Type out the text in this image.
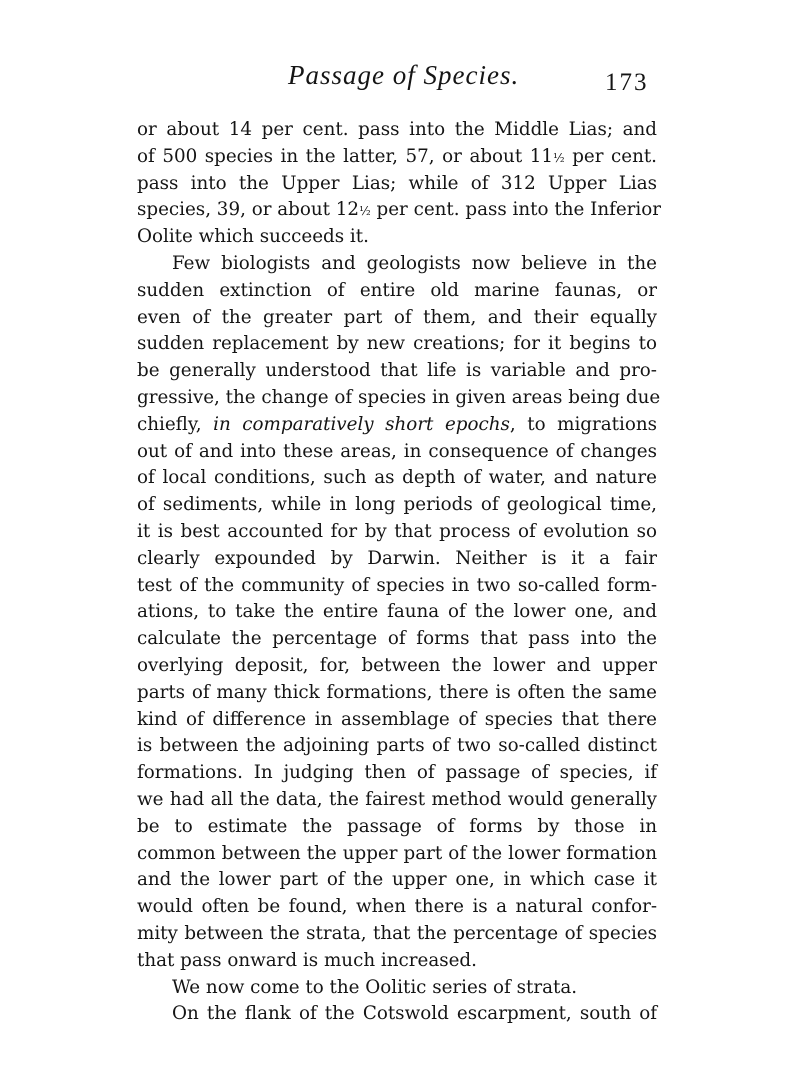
Passage of Species.	173
or about 14 per cent. pass into the Middle Lias; and
of 500 species in the latter, 57, or about 11½ per cent.
pass into the Upper Lias; while of 312 Upper Lias
species, 39, or about 12½ per cent. pass into the Inferior
Oolite which succeeds it.
Few biologists and geologists now believe in the
sudden extinction of entire old marine faunas, or
even of the greater part of them, and their equally
sudden replacement by new creations; for it begins to
be generally understood that life is variable and pro-
gressive, the change of species in given areas being due
chiefly, in comparatively short epochs, to migrations
out of and into these areas, in consequence of changes
of local conditions, such as depth of water, and nature
of sediments, while in long periods of geological time,
it is best accounted for by that process of evolution so
clearly expounded by Darwin. Neither is it a fair
test of the community of species in two so-called form-
ations, to take the entire fauna of the lower one, and
calculate the percentage of forms that pass into the
overlying deposit, for, between the lower and upper
parts of many thick formations, there is often the same
kind of difference in assemblage of species that there
is between the adjoining parts of two so-called distinct
formations. In judging then of passage of species, if
we had all the data, the fairest method would generally
be to estimate the passage of forms by those in
common between the upper part of the lower formation
and the lower part of the upper one, in which case it
would often be found, when there is a natural confor-
mity between the strata, that the percentage of species
that pass onward is much increased.
We now come to the Oolitic series of strata.
On the flank of the Cotswold escarpment, south of
